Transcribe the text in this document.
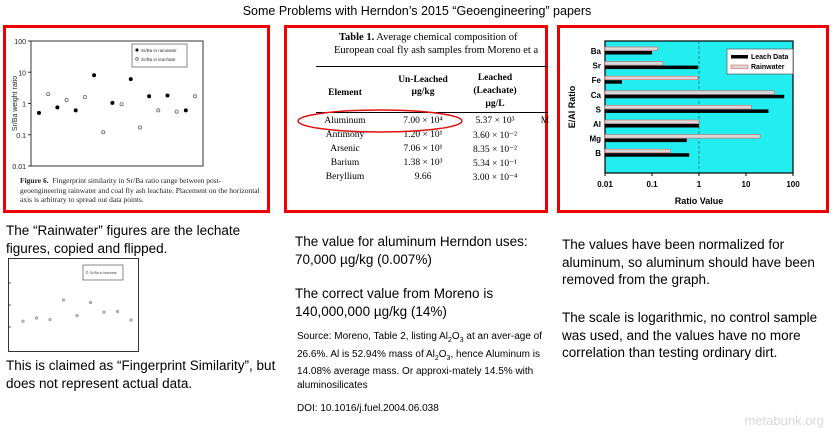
Some Problems with Herndon’s 2015 “Geoengineering” papers
100
10
1
0.1
0.01
Sr/Ba weight ratio
Sr/Ba in rainwater
Sr/Ba in leachate
Figure 6. Fingerprint similarity in Sr/Ba ratio range between post-geoengineering rainwater and coal fly ash leachate. Placement on the horizontal axis is arbitrary to spread out data points.
The “Rainwater” figures are the lechate figures, copied and flipped.
Sr/Ba in leachate
This is claimed as “Fingerprint Similarity”, but does not represent actual data.
Table 1. Average chemical composition of
European coal fly ash samples from Moreno et a
Element
Un-Leached
µg/kg
Leached
(Leachate)
µg/L
Aluminum	7.00 × 10⁴	5.37 × 10³	M
Antimony	1.20 × 10¹	3.60 × 10⁻²
Arsenic	7.06 × 10¹	8.35 × 10⁻²
Barium	1.38 × 10³	5.34 × 10⁻¹
Beryllium	9.66	3.00 × 10⁻⁴
The value for aluminum Herndon uses:
70,000 µg/kg (0.007%)
The correct value from Moreno is
140,000,000 µg/kg (14%)
Source: Moreno, Table 2, listing $Al_2O_3$ at an aver-age of 26.6%. Al is 52.94% mass of $Al_2O_3$, hence Aluminum is 14.08% average mass. Or approxi-mately 14.5% with aluminosilicates
DOI: 10.1016/j.fuel.2004.06.038
0.01	0.1	1	10	100
Ratio Value
E/Al Ratio
Ba
Sr
Fe
Ca
S
Al
Mg
B
Leach Data
Rainwater
The values have been normalized for aluminum, so aluminum should have been removed from the graph.
The scale is logarithmic, no control sample was used, and the values have no more correlation than testing ordinary dirt.
metabunk.org
